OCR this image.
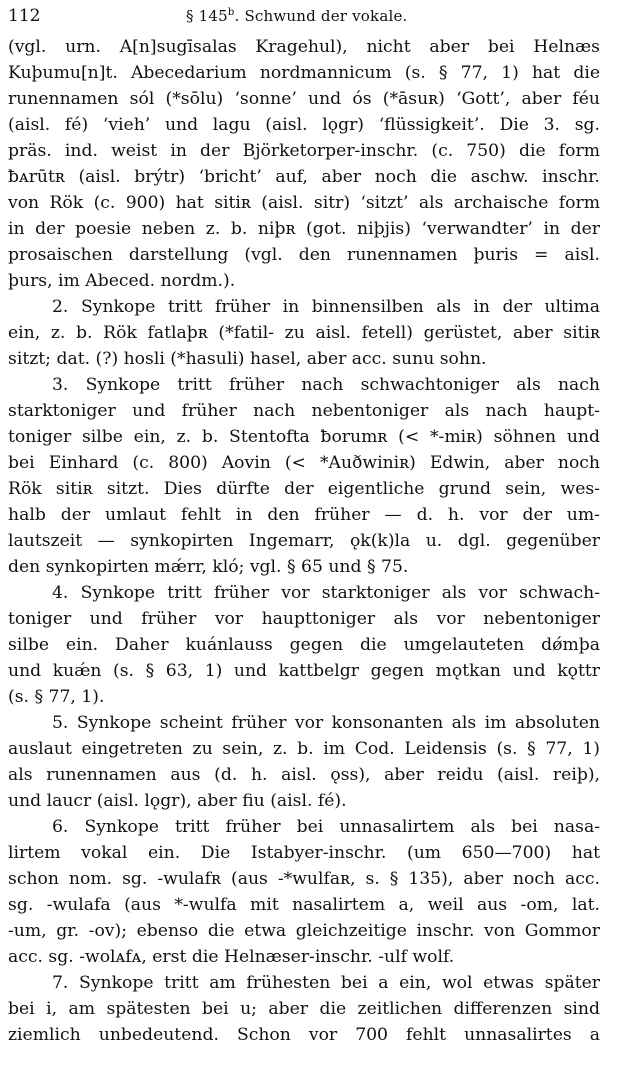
112	§ 145$^b$. Schwund der vokale.
(vgl. urn. A[n]sugīsalas Kragehul), nicht aber bei Helnæs
Kuþumu[n]t. Abecedarium nordmannicum (s. § 77, 1) hat die
runennamen sól (*sōlu) ‘sonne’ und ós (*āsuʀ) ‘Gott’, aber féu
(aisl. fé) ‘vieh’ und lagu (aisl. lǫgr) ‘flüssigkeit’. Die 3. sg.
präs. ind. weist in der Björketorper-inschr. (c. 750) die form
ƀᴀrūtʀ (aisl. brýtr) ‘bricht’ auf, aber noch die aschw. inschr.
von Rök (c. 900) hat sitiʀ (aisl. sitr) ‘sitzt’ als archaische form
in der poesie neben z. b. niþʀ (got. niþjis) ‘verwandter’ in der
prosaischen darstellung (vgl. den runennamen þuris = aisl.
þurs, im Abeced. nordm.).
2. Synkope tritt früher in binnensilben als in der ultima
ein, z. b. Rök fatlaþʀ (*fatil- zu aisl. fetell) gerüstet, aber sitiʀ
sitzt; dat. (?) hosli (*hasuli) hasel, aber acc. sunu sohn.
3. Synkope tritt früher nach schwachtoniger als nach
starktoniger und früher nach nebentoniger als nach haupt-
toniger silbe ein, z. b. Stentofta ƀorumʀ (< *-miʀ) söhnen und
bei Einhard (c. 800) Aovin (< *Auðwiniʀ) Edwin, aber noch
Rök sitiʀ sitzt. Dies dürfte der eigentliche grund sein, wes-
halb der umlaut fehlt in den früher — d. h. vor der um-
lautszeit — synkopirten Ingemarr, ǫk(k)la u. dgl. gegenüber
den synkopirten mǽrr, kló; vgl. § 65 und § 75.
4. Synkope tritt früher vor starktoniger als vor schwach-
toniger und früher vor haupttoniger als vor nebentoniger
silbe ein. Daher kuánlauss gegen die umgelauteten dǿmþa
und kuǽn (s. § 63, 1) und kattbelgr gegen mǫtkan und kǫttr
(s. § 77, 1).
5. Synkope scheint früher vor konsonanten als im absoluten
auslaut eingetreten zu sein, z. b. im Cod. Leidensis (s. § 77, 1)
als runennamen aus (d. h. aisl. ǫss), aber reidu (aisl. reiþ),
und laucr (aisl. lǫgr), aber fiu (aisl. fé).
6. Synkope tritt früher bei unnasalirtem als bei nasa-
lirtem vokal ein. Die Istabyer-inschr. (um 650—700) hat
schon nom. sg. -wulafʀ (aus -*wulfaʀ, s. § 135), aber noch acc.
sg. -wulafa (aus *-wulfa mit nasalirtem a, weil aus -om, lat.
-um, gr. -ov); ebenso die etwa gleichzeitige inschr. von Gommor
acc. sg. -wolᴀfᴀ, erst die Helnæser-inschr. -ulf wolf.
7. Synkope tritt am frühesten bei a ein, wol etwas später
bei i, am spätesten bei u; aber die zeitlichen differenzen sind
ziemlich unbedeutend. Schon vor 700 fehlt unnasalirtes a
